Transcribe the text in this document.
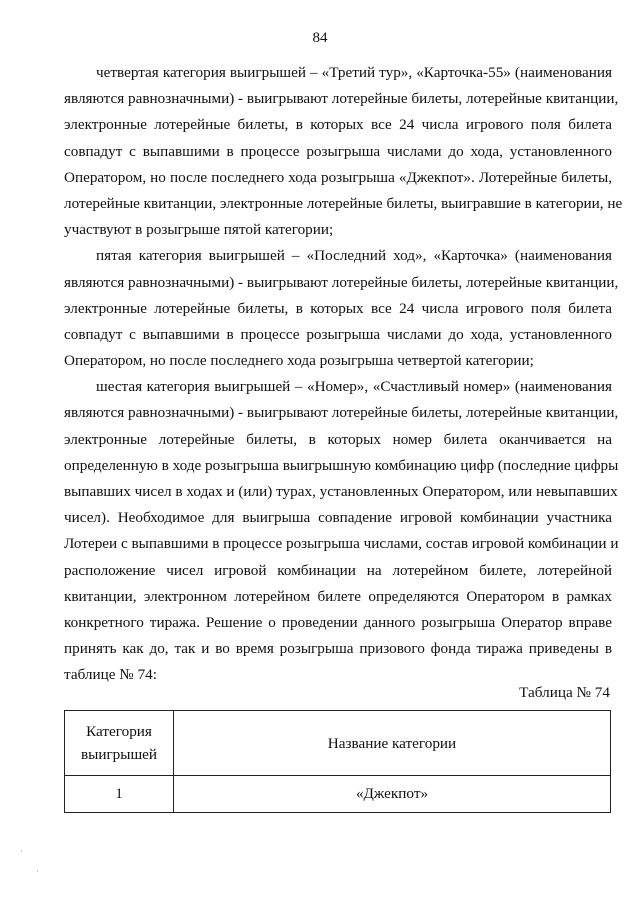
84

четвертая категория выигрышей – «Третий тур», «Карточка-55» (наименования
являются равнозначными) - выигрывают лотерейные билеты, лотерейные квитанции,
электронные лотерейные билеты, в которых все 24 числа игрового поля билета
совпадут с выпавшими в процессе розыгрыша числами до хода, установленного
Оператором, но после последнего хода розыгрыша «Джекпот». Лотерейные билеты,
лотерейные квитанции, электронные лотерейные билеты, выигравшие в категории, не
участвуют в розыгрыше пятой категории;

пятая категория выигрышей – «Последний ход», «Карточка» (наименования
являются равнозначными) - выигрывают лотерейные билеты, лотерейные квитанции,
электронные лотерейные билеты, в которых все 24 числа игрового поля билета
совпадут с выпавшими в процессе розыгрыша числами до хода, установленного
Оператором, но после последнего хода розыгрыша четвертой категории;

шестая категория выигрышей – «Номер», «Счастливый номер» (наименования
являются равнозначными) - выигрывают лотерейные билеты, лотерейные квитанции,
электронные лотерейные билеты, в которых номер билета оканчивается на
определенную в ходе розыгрыша выигрышную комбинацию цифр (последние цифры
выпавших чисел в ходах и (или) турах, установленных Оператором, или невыпавших
чисел). Необходимое для выигрыша совпадение игровой комбинации участника
Лотереи с выпавшими в процессе розыгрыша числами, состав игровой комбинации и
расположение чисел игровой комбинации на лотерейном билете, лотерейной
квитанции, электронном лотерейном билете определяются Оператором в рамках
конкретного тиража. Решение о проведении данного розыгрыша Оператор вправе
принять как до, так и во время розыгрыша призового фонда тиража приведены в
таблице № 74:

Таблица № 74
Категория
выигрышей	Название категории
1	«Джекпот»
·
·
